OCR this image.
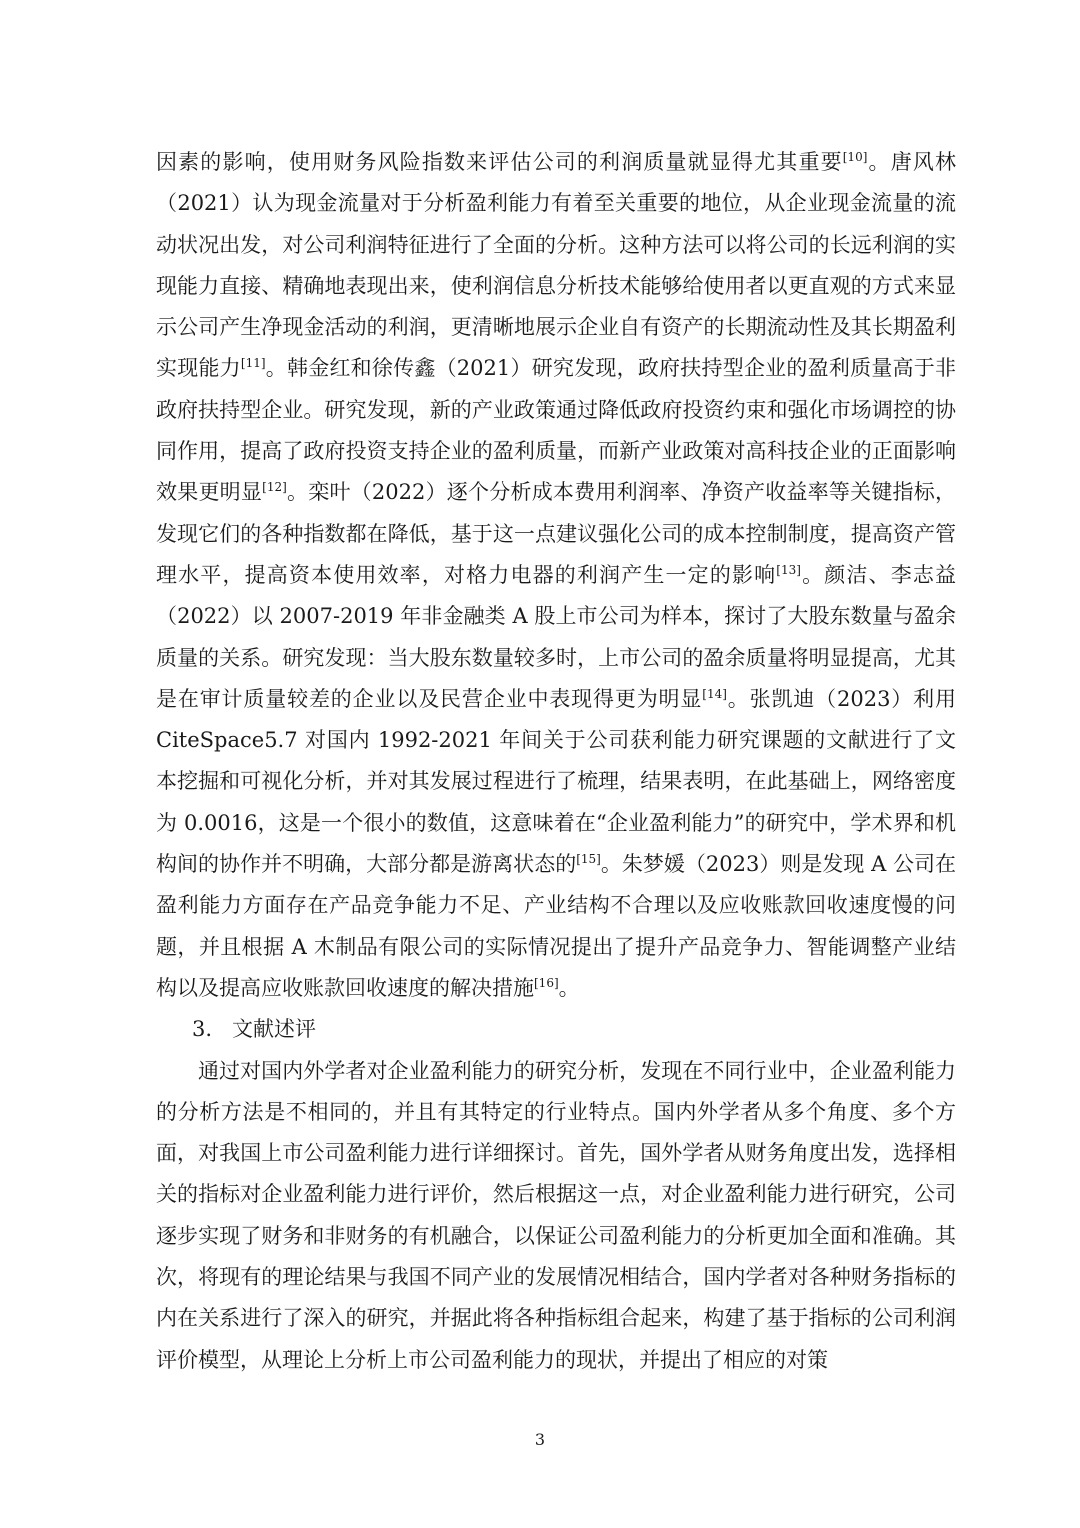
因素的影响，使用财务风险指数来评估公司的利润质量就显得尤其重要[10]。唐风林（2021）认为现金流量对于分析盈利能力有着至关重要的地位，从企业现金流量的流动状况出发，对公司利润特征进行了全面的分析。这种方法可以将公司的长远利润的实现能力直接、精确地表现出来，使利润信息分析技术能够给使用者以更直观的方式来显示公司产生净现金活动的利润，更清晰地展示企业自有资产的长期流动性及其长期盈利实现能力[11]。韩金红和徐传鑫（2021）研究发现，政府扶持型企业的盈利质量高于非政府扶持型企业。研究发现，新的产业政策通过降低政府投资约束和强化市场调控的协同作用，提高了政府投资支持企业的盈利质量，而新产业政策对高科技企业的正面影响效果更明显[12]。栾叶（2022）逐个分析成本费用利润率、净资产收益率等关键指标，发现它们的各种指数都在降低，基于这一点建议强化公司的成本控制制度，提高资产管理水平，提高资本使用效率，对格力电器的利润产生一定的影响[13]。颜洁、李志益（2022）以 2007-2019 年非金融类 A 股上市公司为样本，探讨了大股东数量与盈余质量的关系。研究发现：当大股东数量较多时，上市公司的盈余质量将明显提高，尤其是在审计质量较差的企业以及民营企业中表现得更为明显[14]。张凯迪（2023）利用 CiteSpace5.7 对国内 1992-2021 年间关于公司获利能力研究课题的文献进行了文本挖掘和可视化分析，并对其发展过程进行了梳理，结果表明，在此基础上，网络密度为 0.0016，这是一个很小的数值，这意味着在“企业盈利能力”的研究中，学术界和机构间的协作并不明确，大部分都是游离状态的[15]。朱梦媛（2023）则是发现 A 公司在盈利能力方面存在产品竞争能力不足、产业结构不合理以及应收账款回收速度慢的问题，并且根据 A 木制品有限公司的实际情况提出了提升产品竞争力、智能调整产业结构以及提高应收账款回收速度的解决措施[16]。

3. 文献述评

通过对国内外学者对企业盈利能力的研究分析，发现在不同行业中，企业盈利能力的分析方法是不相同的，并且有其特定的行业特点。国内外学者从多个角度、多个方面，对我国上市公司盈利能力进行详细探讨。首先，国外学者从财务角度出发，选择相关的指标对企业盈利能力进行评价，然后根据这一点，对企业盈利能力进行研究，公司逐步实现了财务和非财务的有机融合，以保证公司盈利能力的分析更加全面和准确。其次，将现有的理论结果与我国不同产业的发展情况相结合，国内学者对各种财务指标的内在关系进行了深入的研究，并据此将各种指标组合起来，构建了基于指标的公司利润评价模型，从理论上分析上市公司盈利能力的现状，并提出了相应的对策

3
